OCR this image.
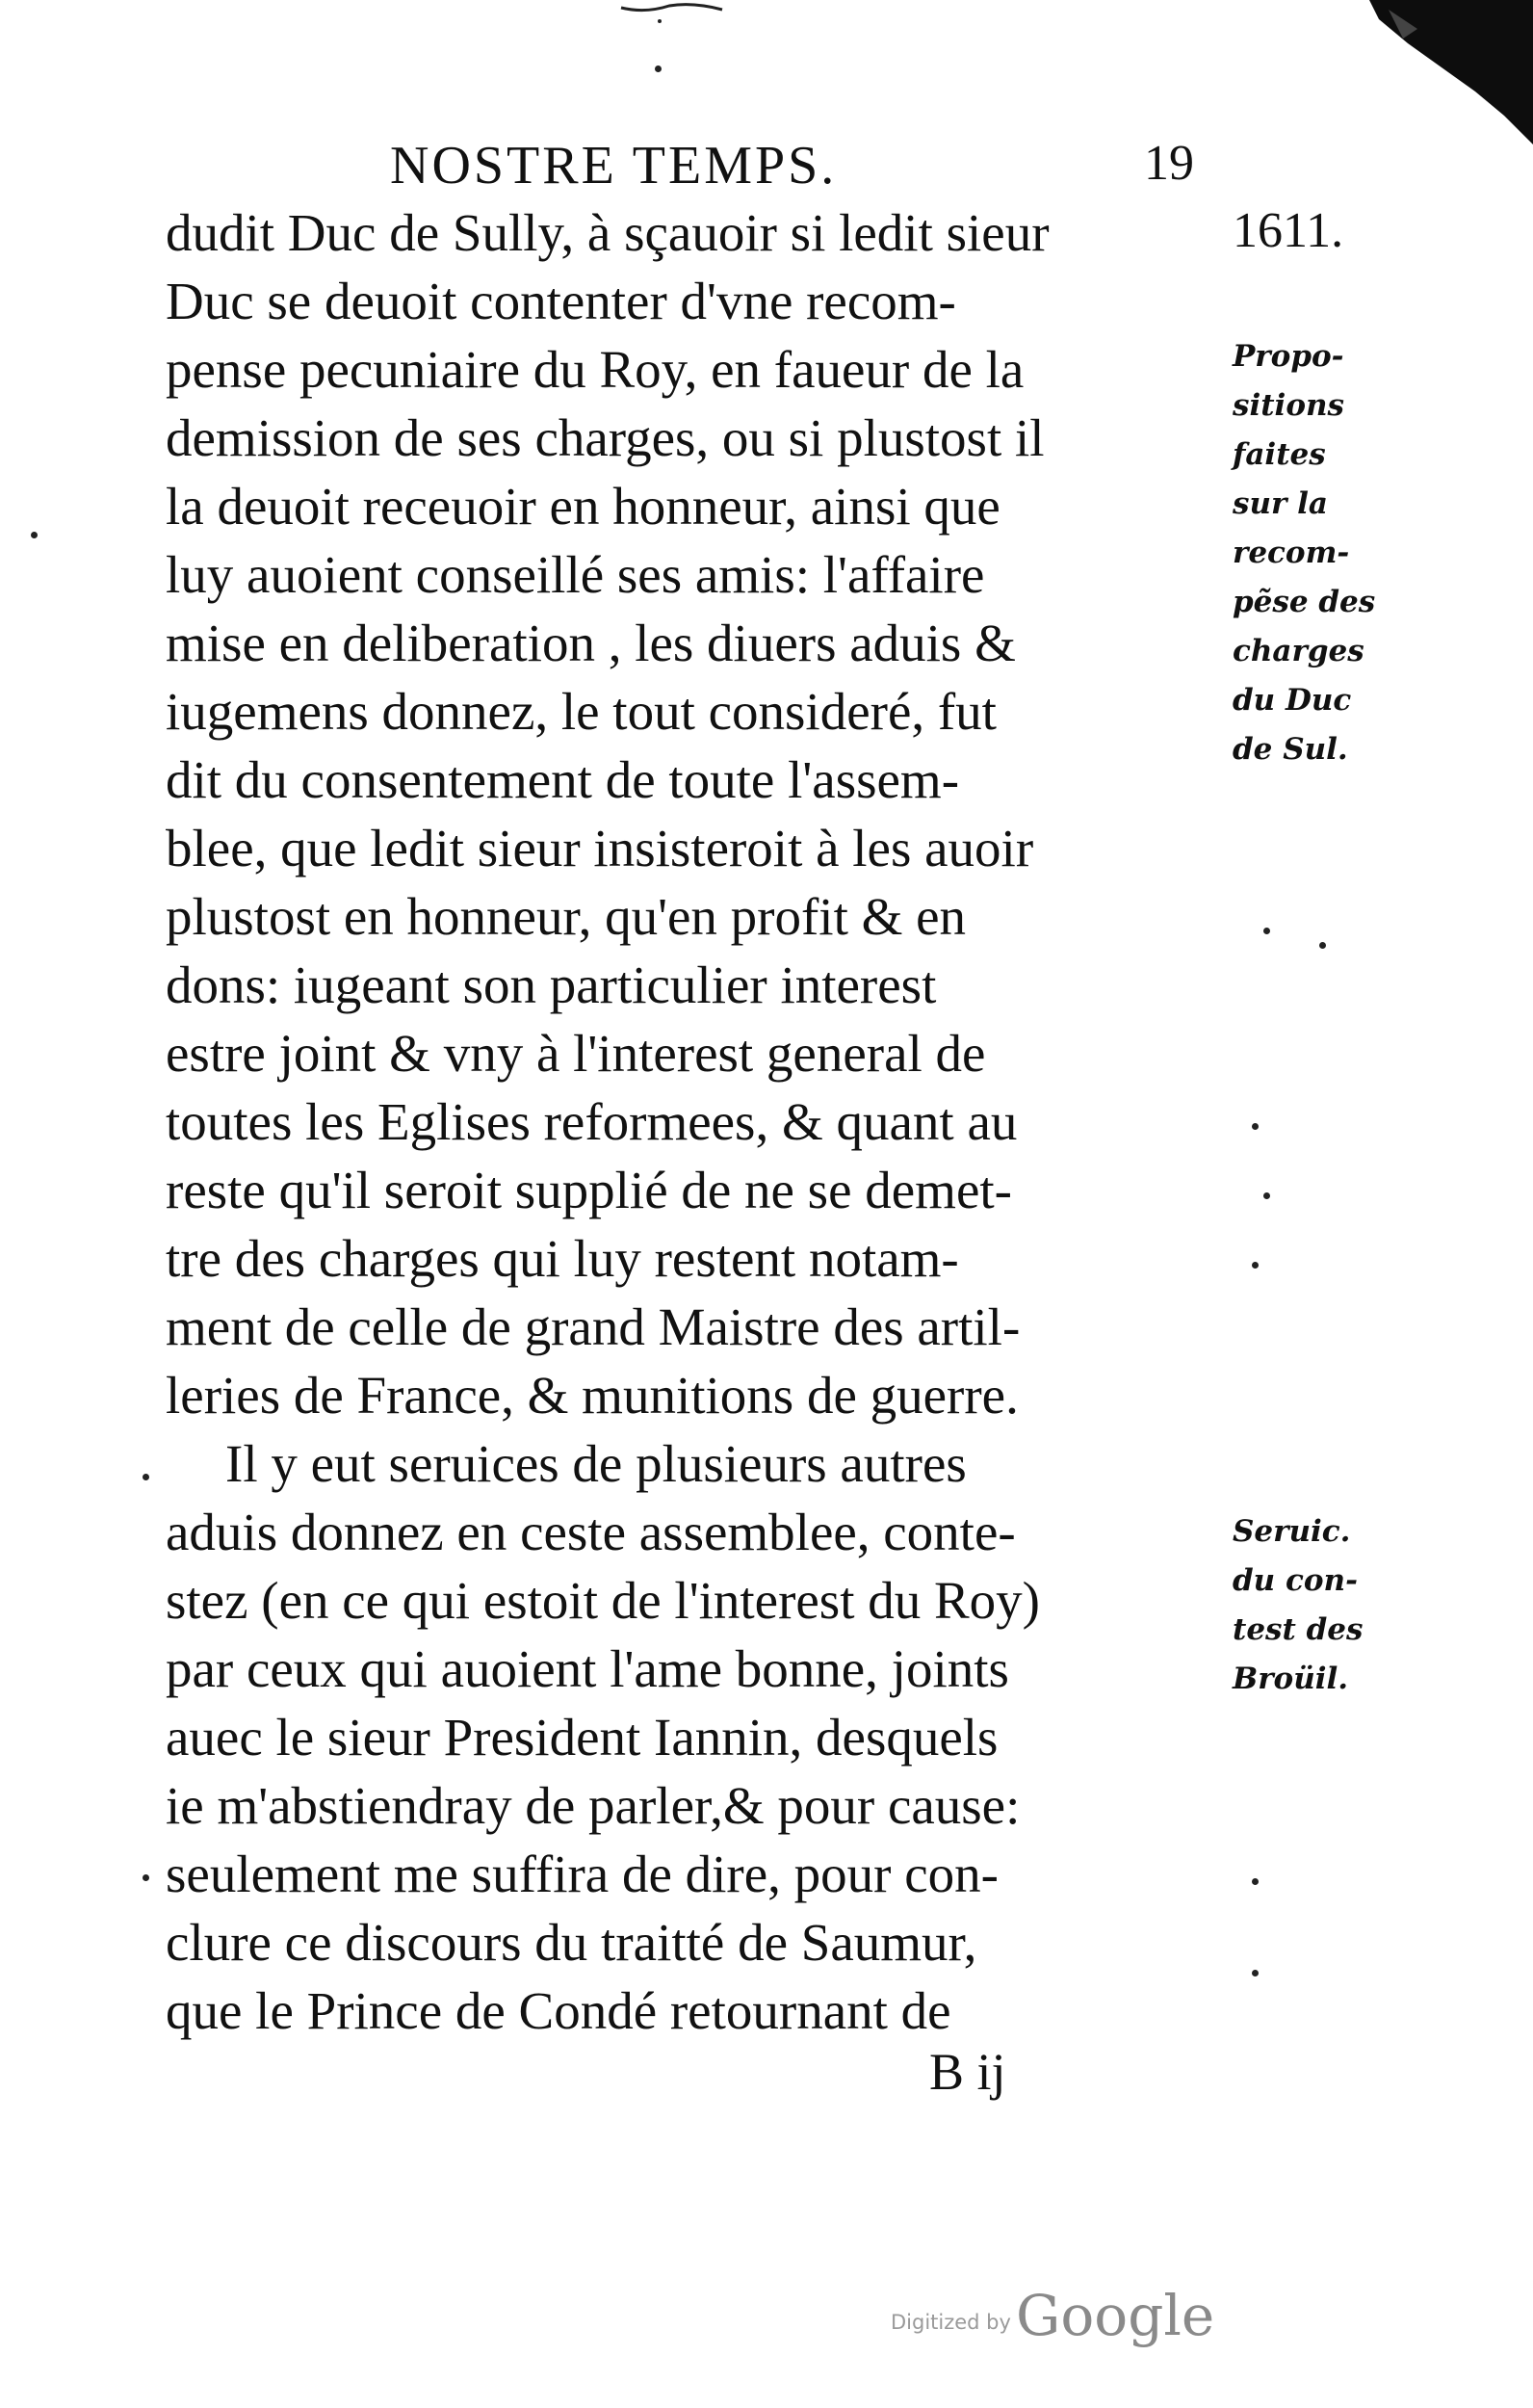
NOSTRE TEMPS.	19
1611.
Propo-
sitions
faites
sur la
recom-
pẽse des
charges
du Duc
de Sul.
Seruic.
du con-
test des
Broüil.
dudit Duc de Sully, à sçauoir si ledit sieur
Duc se deuoit contenter d'vne recom-
pense pecuniaire du Roy, en faueur de la
demission de ses charges, ou si plustost il
la deuoit receuoir en honneur, ainsi que
luy auoient conseillé ses amis: l'affaire
mise en deliberation , les diuers aduis &
iugemens donnez, le tout consideré, fut
dit du consentement de toute l'assem-
blee, que ledit sieur insisteroit à les auoir
plustost en honneur, qu'en profit & en
dons: iugeant son particulier interest
estre joint & vny à l'interest general de
toutes les Eglises reformees, & quant au
reste qu'il seroit supplié de ne se demet-
tre des charges qui luy restent notam-
ment de celle de grand Maistre des artil-
leries de France, & munitions de guerre.
Il y eut seruices de plusieurs autres
aduis donnez en ceste assemblee, conte-
stez (en ce qui estoit de l'interest du Roy)
par ceux qui auoient l'ame bonne, joints
auec le sieur President Iannin, desquels
ie m'abstiendray de parler,& pour cause:
seulement me suffira de dire, pour con-
clure ce discours du traitté de Saumur,
que le Prince de Condé retournant de
B ij
Digitized by Google
